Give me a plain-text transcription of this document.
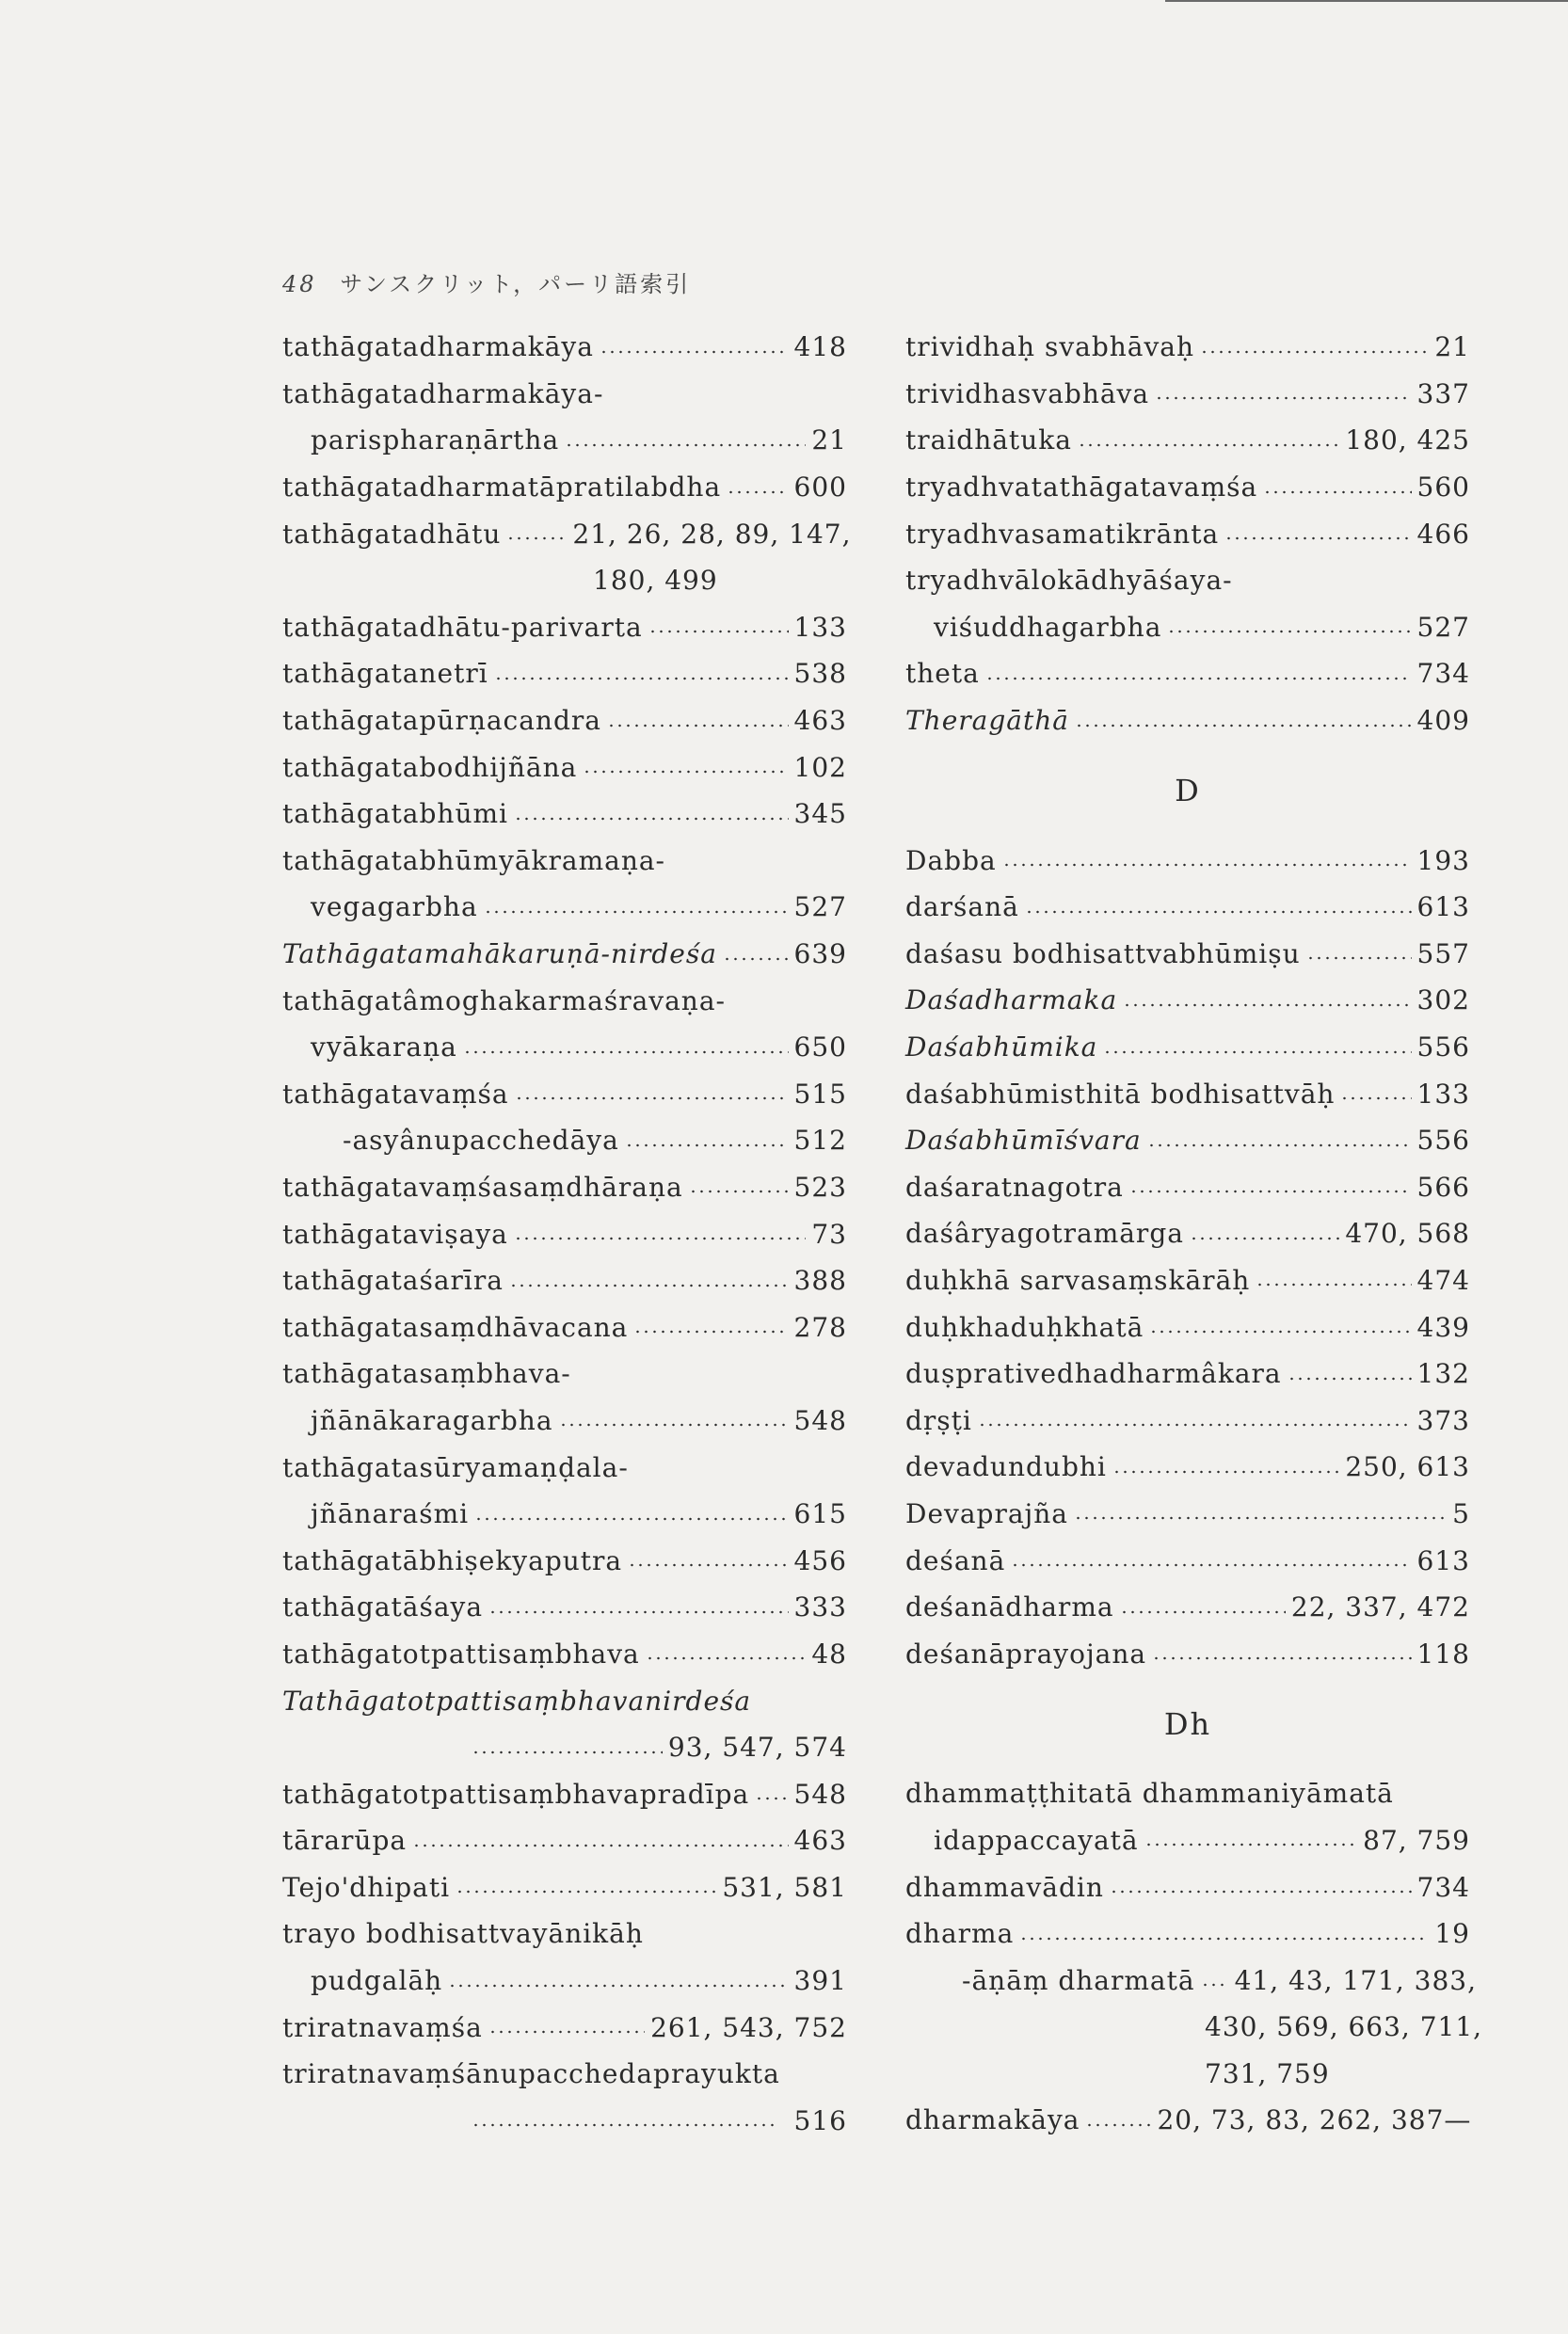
48 サンスクリット，パーリ語索引
tathāgatadharmakāya	418
tathāgatadharmakāya-
parispharaṇārtha	21
tathāgatadharmatāpratilabdha	600
tathāgatadhātu	21, 26, 28, 89, 147,
180, 499
tathāgatadhātu-parivarta	133
tathāgatanetrī	538
tathāgatapūrṇacandra	463
tathāgatabodhijñāna	102
tathāgatabhūmi	345
tathāgatabhūmyākramaṇa-
vegagarbha	527
Tathāgatamahākaruṇā-nirdeśa	639
tathāgatâmoghakarmaśravaṇa-
vyākaraṇa	650
tathāgatavaṃśa	515
-asyânupacchedāya	512
tathāgatavaṃśasaṃdhāraṇa	523
tathāgataviṣaya	73
tathāgataśarīra	388
tathāgatasaṃdhāvacana	278
tathāgatasaṃbhava-
jñānākaragarbha	548
tathāgatasūryamaṇḍala-
jñānaraśmi	615
tathāgatābhiṣekyaputra	456
tathāgatāśaya	333
tathāgatotpattisaṃbhava	48
Tathāgatotpattisaṃbhavanirdeśa
93, 547, 574
tathāgatotpattisaṃbhavapradīpa 548
tārarūpa	463
Tejo'dhipati	531, 581
trayo bodhisattvayānikāḥ
pudgalāḥ	391
triratnavaṃśa	261, 543, 752
triratnavaṃśānupacchedaprayukta
516
trividhaḥ svabhāvaḥ	21
trividhasvabhāva	337
traidhātuka	180, 425
tryadhvatathāgatavaṃśa	560
tryadhvasamatikrānta	466
tryadhvālokādhyāśaya-
viśuddhagarbha	527
theta	734
Theragāthā	409
D
Dabba	193
darśanā	613
daśasu bodhisattvabhūmiṣu	557
Daśadharmaka	302
Daśabhūmika	556
daśabhūmisthitā bodhisattvāḥ	133
Daśabhūmīśvara	556
daśaratnagotra	566
daśâryagotramārga	470, 568
duḥkhā sarvasaṃskārāḥ	474
duḥkhaduḥkhatā	439
duṣprativedhadharmâkara	132
dṛṣṭi	373
devadundubhi	250, 613
Devaprajña	5
deśanā	613
deśanādharma	22, 337, 472
deśanāprayojana	118
Dh
dhammaṭṭhitatā dhammaniyāmatā
idappaccayatā	87, 759
dhammavādin	734
dharma	19
-āṇāṃ dharmatā 41, 43, 171, 383,
430, 569, 663, 711,
731, 759
dharmakāya	20, 73, 83, 262, 387—
